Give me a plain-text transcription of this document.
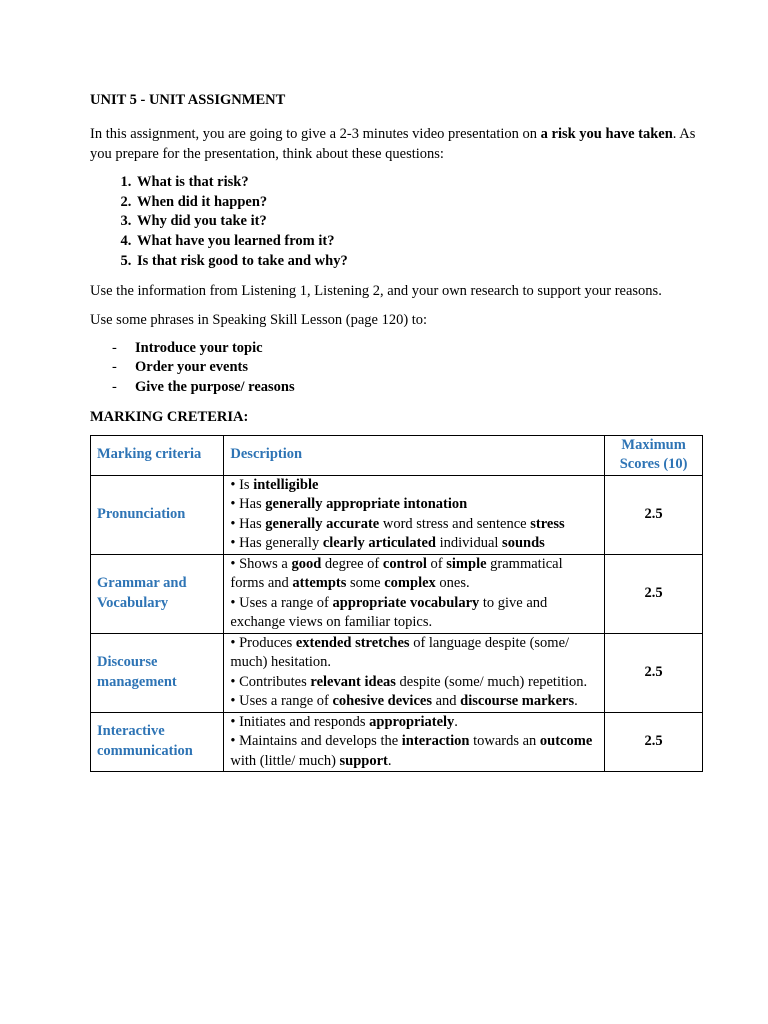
UNIT 5 - UNIT ASSIGNMENT

In this assignment, you are going to give a 2-3 minutes video presentation on a risk you have taken. As you prepare for the presentation, think about these questions:

1. What is that risk?
2. When did it happen?
3. Why did you take it?
4. What have you learned from it?
5. Is that risk good to take and why?

Use the information from Listening 1, Listening 2, and your own research to support your reasons.

Use some phrases in Speaking Skill Lesson (page 120) to:

- Introduce your topic
- Order your events
- Give the purpose/ reasons
MARKING CRETERIA:
Marking criteria	Description	Maximum Scores (10)
Pronunciation	• Is intelligible
• Has generally appropriate intonation
• Has generally accurate word stress and sentence stress
• Has generally clearly articulated individual sounds	2.5
Grammar and Vocabulary	• Shows a good degree of control of simple grammatical forms and attempts some complex ones.
• Uses a range of appropriate vocabulary to give and exchange views on familiar topics.	2.5
Discourse management	• Produces extended stretches of language despite (some/ much) hesitation.
• Contributes relevant ideas despite (some/ much) repetition.
• Uses a range of cohesive devices and discourse markers.	2.5
Interactive communication	• Initiates and responds appropriately.
• Maintains and develops the interaction towards an outcome with (little/ much) support.	2.5
